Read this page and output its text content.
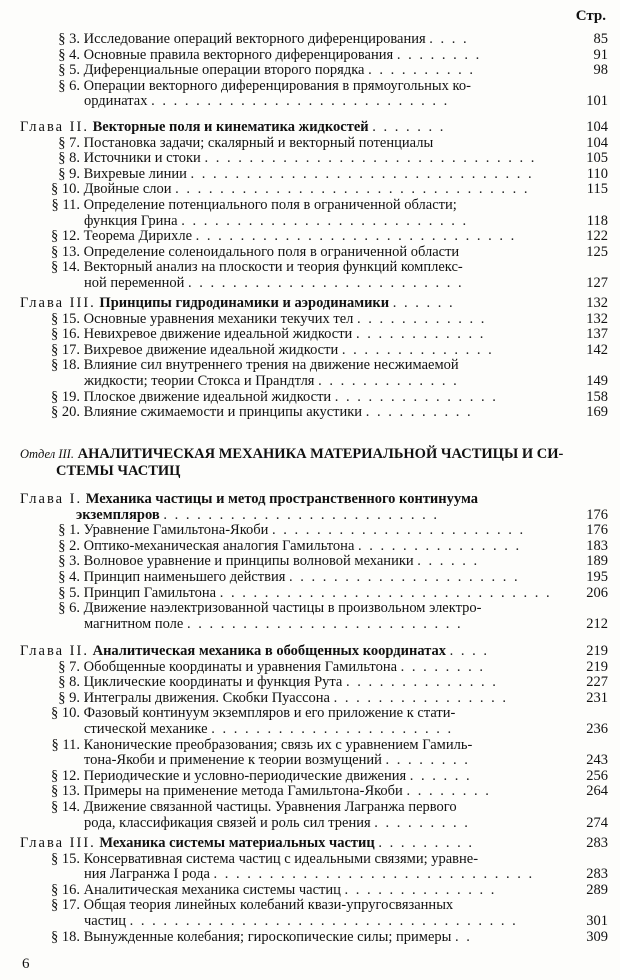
Стр.
§ 3. Исследование операций векторного диференцирования . . . .	85
§ 4. Основные правила векторного диференцирования . . . . . . . .	91
§ 5. Диференциальные операции второго порядка . . . . . . . . . .	98
§ 6. Операции векторного диференцирования в прямоугольных ко-
ординатах . . . . . . . . . . . . . . . . . . . . . . . . . . .	101
Глава II. Векторные поля и кинематика жидкостей . . . . . . .	104
§ 7. Постановка задачи; скалярный и векторный потенциалы	104
§ 8. Источники и стоки . . . . . . . . . . . . . . . . . . . . . . . . . . . . . .	105
§ 9. Вихревые линии . . . . . . . . . . . . . . . . . . . . . . . . . . . . . . .	110
§ 10. Двойные слои . . . . . . . . . . . . . . . . . . . . . . . . . . . . . . . .	115
§ 11. Определение потенциального поля в ограниченной области;
функция Грина . . . . . . . . . . . . . . . . . . . . . . . . . .	118
§ 12. Теорема Дирихле . . . . . . . . . . . . . . . . . . . . . . . . . . . . .	122
§ 13. Определение соленоидального поля в ограниченной области	125
§ 14. Векторный анализ на плоскости и теория функций комплекс-
ной переменной . . . . . . . . . . . . . . . . . . . . . . . . .	127
Глава III. Принципы гидродинамики и аэродинамики . . . . . .	132
§ 15. Основные уравнения механики текучих тел . . . . . . . . . . . .	132
§ 16. Невихревое движение идеальной жидкости . . . . . . . . . . . .	137
§ 17. Вихревое движение идеальной жидкости . . . . . . . . . . . . . .	142
§ 18. Влияние сил внутреннего трения на движение несжимаемой
жидкости; теории Стокса и Прандтля . . . . . . . . . . . . .	149
§ 19. Плоское движение идеальной жидкости . . . . . . . . . . . . . . .	158
§ 20. Влияние сжимаемости и принципы акустики . . . . . . . . . .	169
Отдел III. АНАЛИТИЧЕСКАЯ МЕХАНИКА МАТЕРИАЛЬНОЙ ЧАСТИЦЫ И СИ-
СТЕМЫ ЧАСТИЦ
Глава I. Механика частицы и метод пространственного континуума
экземпляров . . . . . . . . . . . . . . . . . . . . . . . . .	176
§ 1. Уравнение Гамильтона-Якоби . . . . . . . . . . . . . . . . . . . . . . .	176
§ 2. Оптико-механическая аналогия Гамильтона . . . . . . . . . . . . . . .	183
§ 3. Волновое уравнение и принципы волновой механики . . . . . .	189
§ 4. Принцип наименьшего действия . . . . . . . . . . . . . . . . . . . . .	195
§ 5. Принцип Гамильтона . . . . . . . . . . . . . . . . . . . . . . . . . . . . . .	206
§ 6. Движение наэлектризованной частицы в произвольном электро-
магнитном поле . . . . . . . . . . . . . . . . . . . . . . . . .	212
Глава II. Аналитическая механика в обобщенных координатах . . . .	219
§ 7. Обобщенные координаты и уравнения Гамильтона . . . . . . . .	219
§ 8. Циклические координаты и функция Рута . . . . . . . . . . . . . .	227
§ 9. Интегралы движения. Скобки Пуассона . . . . . . . . . . . . . . . .	231
§ 10. Фазовый континуум экземпляров и его приложение к стати-
стической механике . . . . . . . . . . . . . . . . . . . . . .	236
§ 11. Канонические преобразования; связь их с уравнением Гамиль-
тона-Якоби и применение к теории возмущений . . . . . . . .	243
§ 12. Периодические и условно-периодические движения . . . . . .	256
§ 13. Примеры на применение метода Гамильтона-Якоби . . . . . . . .	264
§ 14. Движение связанной частицы. Уравнения Лагранжа первого
рода, классификация связей и роль сил трения . . . . . . . . .	274
Глава III. Механика системы материальных частиц . . . . . . . . .	283
§ 15. Консервативная система частиц с идеальными связями; уравне-
ния Лагранжа I рода . . . . . . . . . . . . . . . . . . . . . . . . . . . . .	283
§ 16. Аналитическая механика системы частиц . . . . . . . . . . . . . .	289
§ 17. Общая теория линейных колебаний квази-упругосвязанных
частиц . . . . . . . . . . . . . . . . . . . . . . . . . . . . . . . . . . .	301
§ 18. Вынужденные колебания; гироскопические силы; примеры . .	309
6
